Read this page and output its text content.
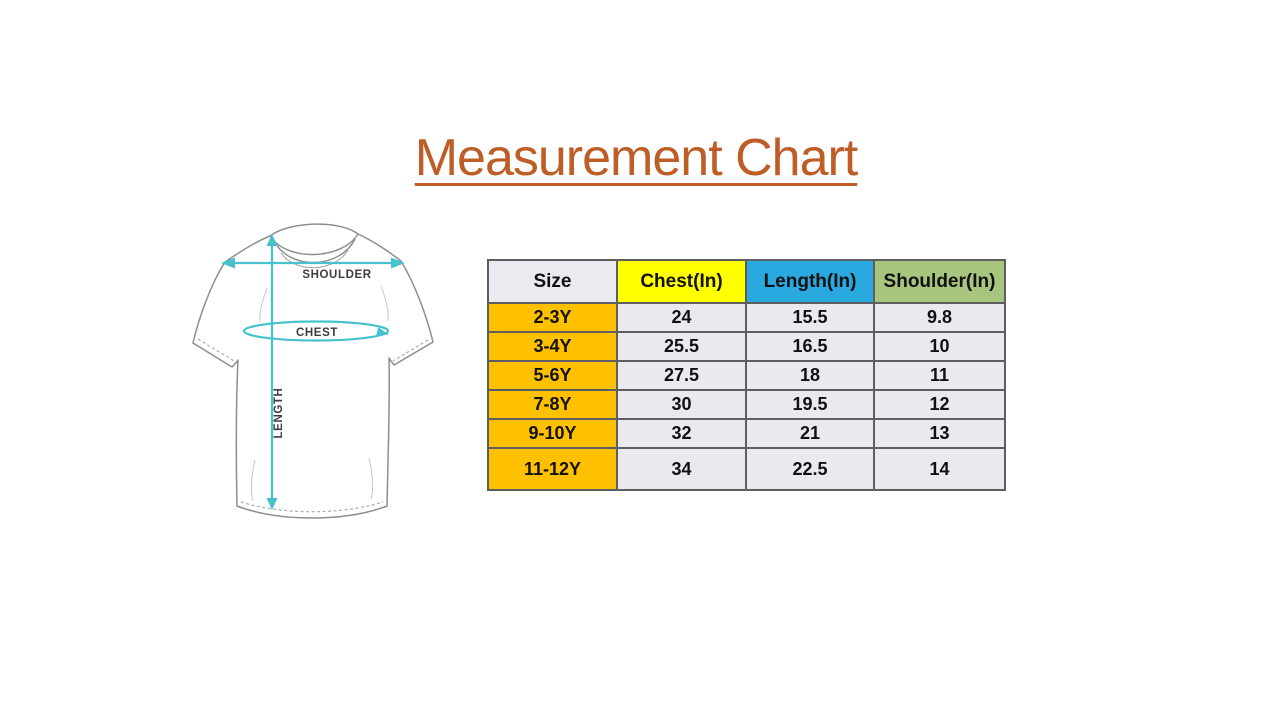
Measurement Chart
SHOULDER
LENGTH
CHEST
Size	Chest(In)	Length(In)	Shoulder(In)
2-3Y	24	15.5	9.8
3-4Y	25.5	16.5	10
5-6Y	27.5	18	11
7-8Y	30	19.5	12
9-10Y	32	21	13
11-12Y	34	22.5	14
